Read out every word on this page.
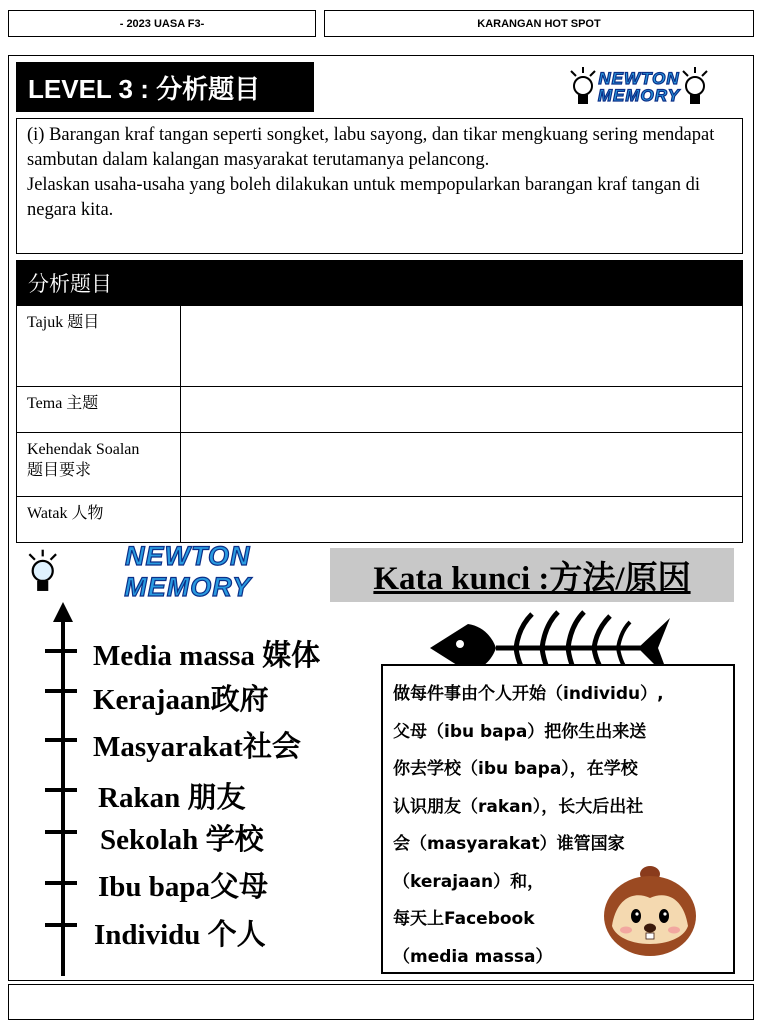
- 2023 UASA F3-	KARANGAN HOT SPOT
LEVEL 3 : 分析题目	NEWTON
MEMORY

(i) Barangan kraf tangan seperti songket, labu sayong, dan tikar mengkuang sering mendapat sambutan dalam kalangan masyarakat terutamanya pelancong.

Jelaskan usaha-usaha yang boleh dilakukan untuk mempopularkan barangan kraf tangan di negara kita.

分析题目
Tajuk 题目	
Tema 主题	

Kehendak Soalan
题目要求	

Watak 人物	
NEWTON MEMORY	Kata kunci :方法/原因
Media massa 媒体
Kerajaan政府
Masyarakat社会
Rakan 朋友
Sekolah 学校
Ibu bapa父母
Individu 个人
做每件事由个人开始（individu）,
父母（ibu bapa）把你生出来送
你去学校（ibu bapa），在学校
认识朋友（rakan），长大后出社
会（masyarakat）谁管国家
（kerajaan）和，
每天上Facebook
（media massa）
